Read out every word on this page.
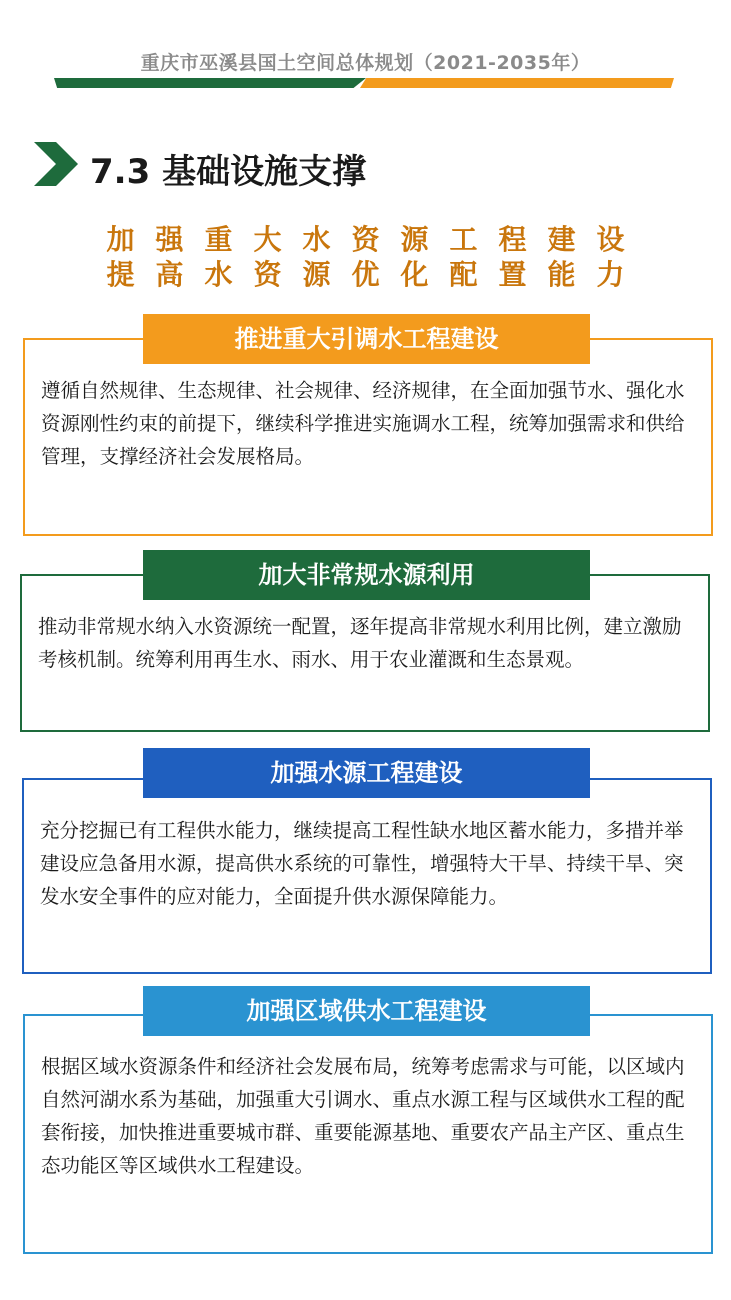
重庆市巫溪县国土空间总体规划（2021-2035年）
7.3 基础设施支撑
加强重大水资源工程建设
提高水资源优化配置能力
遵循自然规律、生态规律、社会规律、经济规律，在全面加强节水、强化水资源刚性约束的前提下，继续科学推进实施调水工程，统筹加强需求和供给管理，支撑经济社会发展格局。
推进重大引调水工程建设
推动非常规水纳入水资源统一配置，逐年提高非常规水利用比例，建立激励考核机制。统筹利用再生水、雨水、用于农业灌溉和生态景观。
加大非常规水源利用
充分挖掘已有工程供水能力，继续提高工程性缺水地区蓄水能力，多措并举建设应急备用水源，提高供水系统的可靠性，增强特大干旱、持续干旱、突发水安全事件的应对能力，全面提升供水源保障能力。
加强水源工程建设
根据区域水资源条件和经济社会发展布局，统筹考虑需求与可能，以区域内自然河湖水系为基础，加强重大引调水、重点水源工程与区域供水工程的配套衔接，加快推进重要城市群、重要能源基地、重要农产品主产区、重点生态功能区等区域供水工程建设。
加强区域供水工程建设
